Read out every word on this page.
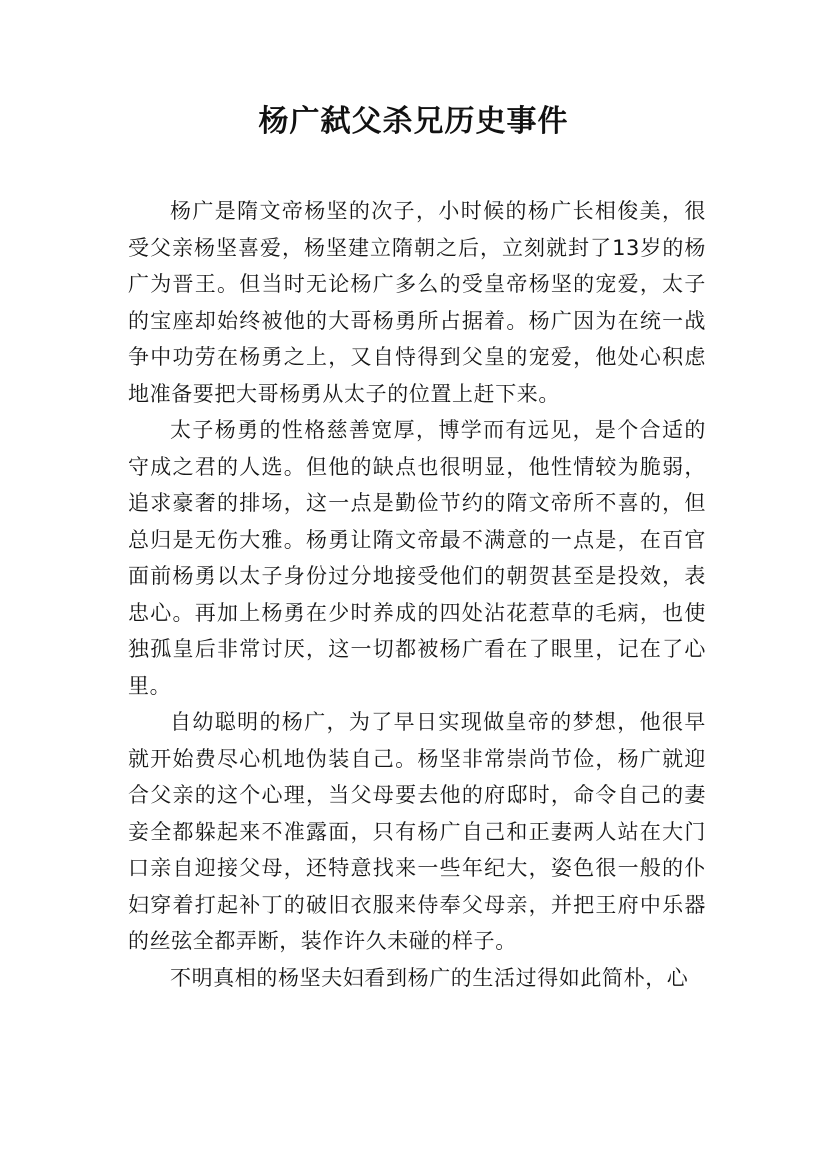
杨广弑父杀兄历史事件

杨广是隋文帝杨坚的次子，小时候的杨广长相俊美，很受父亲杨坚喜爱，杨坚建立隋朝之后，立刻就封了13岁的杨广为晋王。但当时无论杨广多么的受皇帝杨坚的宠爱，太子的宝座却始终被他的大哥杨勇所占据着。杨广因为在统一战争中功劳在杨勇之上，又自恃得到父皇的宠爱，他处心积虑地准备要把大哥杨勇从太子的位置上赶下来。

太子杨勇的性格慈善宽厚，博学而有远见，是个合适的守成之君的人选。但他的缺点也很明显，他性情较为脆弱，追求豪奢的排场，这一点是勤俭节约的隋文帝所不喜的，但总归是无伤大雅。杨勇让隋文帝最不满意的一点是，在百官面前杨勇以太子身份过分地接受他们的朝贺甚至是投效，表忠心。再加上杨勇在少时养成的四处沾花惹草的毛病，也使独孤皇后非常讨厌，这一切都被杨广看在了眼里，记在了心里。

自幼聪明的杨广，为了早日实现做皇帝的梦想，他很早就开始费尽心机地伪装自己。杨坚非常崇尚节俭，杨广就迎合父亲的这个心理，当父母要去他的府邸时，命令自己的妻妾全都躲起来不准露面，只有杨广自己和正妻两人站在大门口亲自迎接父母，还特意找来一些年纪大，姿色很一般的仆妇穿着打起补丁的破旧衣服来侍奉父母亲，并把王府中乐器的丝弦全都弄断，装作许久未碰的样子。

不明真相的杨坚夫妇看到杨广的生活过得如此简朴，心
